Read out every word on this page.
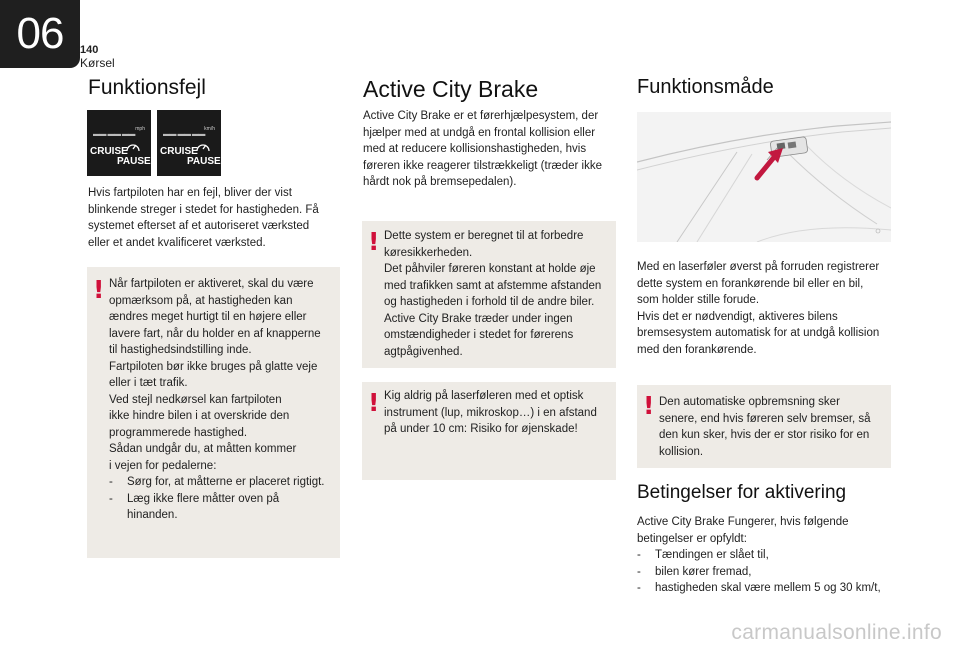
06	140
Kørsel
Funktionsfejl
mph
▬▬ ▬▬ ▬▬
CRUISE
PAUSE
km/h
▬▬ ▬▬ ▬▬
CRUISE
PAUSE
Hvis fartpiloten har en fejl, bliver der vist
blinkende streger i stedet for hastigheden. Få
systemet efterset af et autoriseret værksted
eller et andet kvalificeret værksted.
! Når fartpiloten er aktiveret, skal du være
opmærksom på, at hastigheden kan
ændres meget hurtigt til en højere eller
lavere fart, når du holder en af knapperne
til hastighedsindstilling inde.
Fartpiloten bør ikke bruges på glatte veje
eller i tæt trafik.
Ved stejl nedkørsel kan fartpiloten
ikke hindre bilen i at overskride den
programmerede hastighed.
Sådan undgår du, at måtten kommer
i vejen for pedalerne:
-	Sørg for, at måtterne er placeret rigtigt.
-	Læg ikke flere måtter oven på
hinanden.
Active City Brake
Active City Brake er et førerhjælpesystem, der
hjælper med at undgå en frontal kollision eller
med at reducere kollisionshastigheden, hvis
føreren ikke reagerer tilstrækkeligt (træder ikke
hårdt nok på bremsepedalen).
! Dette system er beregnet til at forbedre
køresikkerheden.
Det påhviler føreren konstant at holde øje
med trafikken samt at afstemme afstanden
og hastigheden i forhold til de andre biler.
Active City Brake træder under ingen
omstændigheder i stedet for førerens
agtpågivenhed.
! Kig aldrig på laserføleren med et optisk
instrument (lup, mikroskop…) i en afstand
på under 10 cm: Risiko for øjenskade!
Funktionsmåde
Med en laserføler øverst på forruden registrerer
dette system en forankørende bil eller en bil,
som holder stille forude.
Hvis det er nødvendigt, aktiveres bilens
bremsesystem automatisk for at undgå kollision
med den forankørende.
! Den automatiske opbremsning sker
senere, end hvis føreren selv bremser, så
den kun sker, hvis der er stor risiko for en
kollision.
Betingelser for aktivering
Active City Brake Fungerer, hvis følgende
betingelser er opfyldt:
-	Tændingen er slået til,
-	bilen kører fremad,
-	hastigheden skal være mellem 5 og 30 km/t,
carmanualsonline.info
